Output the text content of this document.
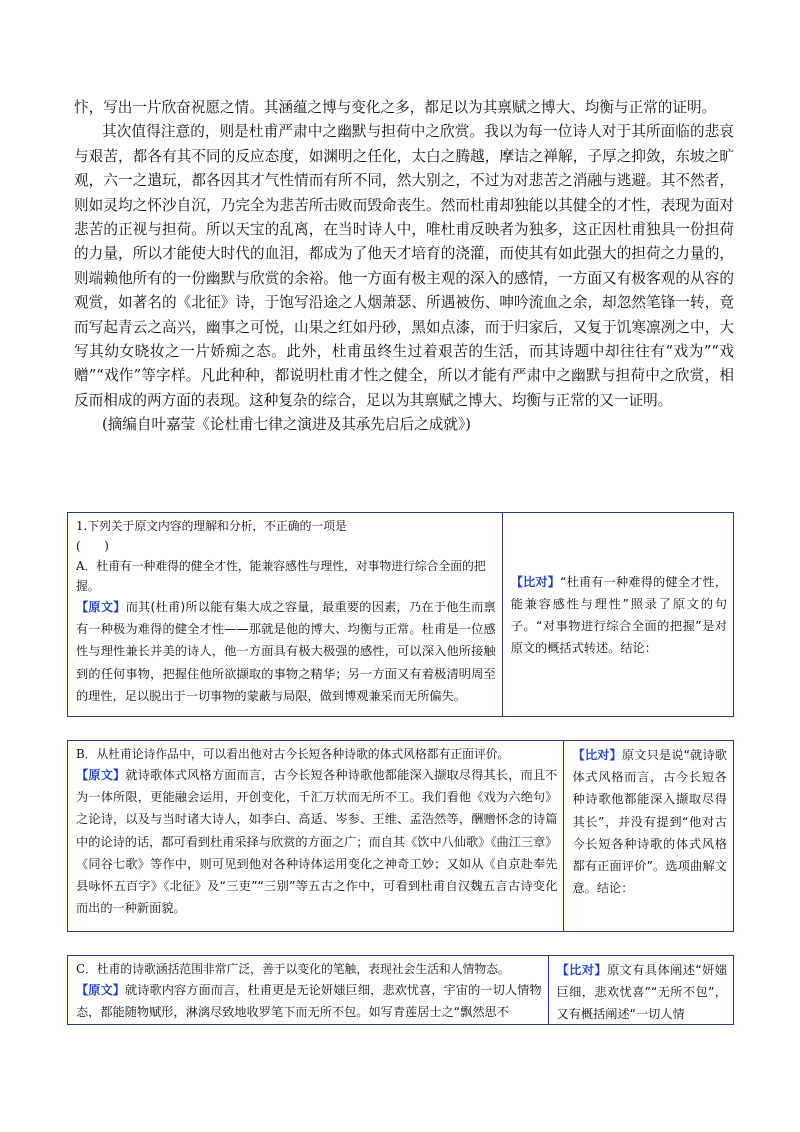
忭，写出一片欣奋祝愿之情。其涵蕴之博与变化之多，都足以为其禀赋之博大、均衡与正常的证明。

其次值得注意的，则是杜甫严肃中之幽默与担荷中之欣赏。我以为每一位诗人对于其所面临的悲哀与艰苦，都各有其不同的反应态度，如渊明之任化，太白之腾越，摩诘之禅解，子厚之抑敛，东坡之旷观，六一之遣玩，都各因其才气性情而有所不同，然大别之，不过为对悲苦之消融与逃避。其不然者，则如灵均之怀沙自沉，乃完全为悲苦所击败而毁命丧生。然而杜甫却独能以其健全的才性，表现为面对悲苦的正视与担荷。所以天宝的乱离，在当时诗人中，唯杜甫反映者为独多，这正因杜甫独具一份担荷的力量，所以才能使大时代的血泪，都成为了他天才培育的浇灌，而使其有如此强大的担荷之力量的，则端赖他所有的一份幽默与欣赏的余裕。他一方面有极主观的深入的感情，一方面又有极客观的从容的观赏，如著名的《北征》诗，于饱写沿途之人烟萧瑟、所遇被伤、呻吟流血之余，却忽然笔锋一转，竟而写起青云之高兴，幽事之可悦，山果之红如丹砂，黑如点漆，而于归家后，又复于饥寒凛冽之中，大写其幼女晓妆之一片娇痴之态。此外，杜甫虽终生过着艰苦的生活，而其诗题中却往往有“戏为”“戏赠”“戏作”等字样。凡此种种，都说明杜甫才性之健全，所以才能有严肃中之幽默与担荷中之欣赏，相反而相成的两方面的表现。这种复杂的综合，足以为其禀赋之博大、均衡与正常的又一证明。

(摘编自叶嘉莹《论杜甫七律之演进及其承先启后之成就》)

1.下列关于原文内容的理解和分析，不正确的一项是

(　　)

A．杜甫有一种难得的健全才性，能兼容感性与理性，对事物进行综合全面的把握。

【原文】而其(杜甫)所以能有集大成之容量，最重要的因素，乃在于他生而禀有一种极为难得的健全才性——那就是他的博大、均衡与正常。杜甫是一位感性与理性兼长并美的诗人，他一方面具有极大极强的感性，可以深入他所接触到的任何事物，把握住他所欲撷取的事物之精华；另一方面又有着极清明周至的理性，足以脱出于一切事物的蒙蔽与局限，做到博观兼采而无所偏失。

【比对】“杜甫有一种难得的健全才性，能兼容感性与理性”照录了原文的句子。“对事物进行综合全面的把握”是对原文的概括式转述。结论：

B．从杜甫论诗作品中，可以看出他对古今长短各种诗歌的体式风格都有正面评价。

【原文】就诗歌体式风格方面而言，古今长短各种诗歌他都能深入撷取尽得其长，而且不为一体所限，更能融会运用，开创变化，千汇万状而无所不工。我们看他《戏为六绝句》之论诗，以及与当时诸大诗人，如李白、高适、岑参、王维、孟浩然等，酬赠怀念的诗篇中的论诗的话，都可看到杜甫采择与欣赏的方面之广；而自其《饮中八仙歌》《曲江三章》《同谷七歌》等作中，则可见到他对各种诗体运用变化之神奇工妙；又如从《自京赴奉先县咏怀五百字》《北征》及“三吏”“三别”等五古之作中，可看到杜甫自汉魏五言古诗变化而出的一种新面貌。

【比对】原文只是说“就诗歌体式风格而言，古今长短各种诗歌他都能深入撷取尽得其长”，并没有提到“他对古今长短各种诗歌的体式风格都有正面评价”。选项曲解文意。结论：

C．杜甫的诗歌涵括范围非常广泛，善于以变化的笔触，表现社会生活和人情物态。

【原文】就诗歌内容方面而言，杜甫更是无论妍媸巨细，悲欢忧喜，宇宙的一切人情物态，都能随物赋形，淋漓尽致地收罗笔下而无所不包。如写青莲居士之“飘然思不

【比对】原文有具体阐述“妍媸巨细，悲欢忧喜”“无所不包”，又有概括阐述“一切人情
